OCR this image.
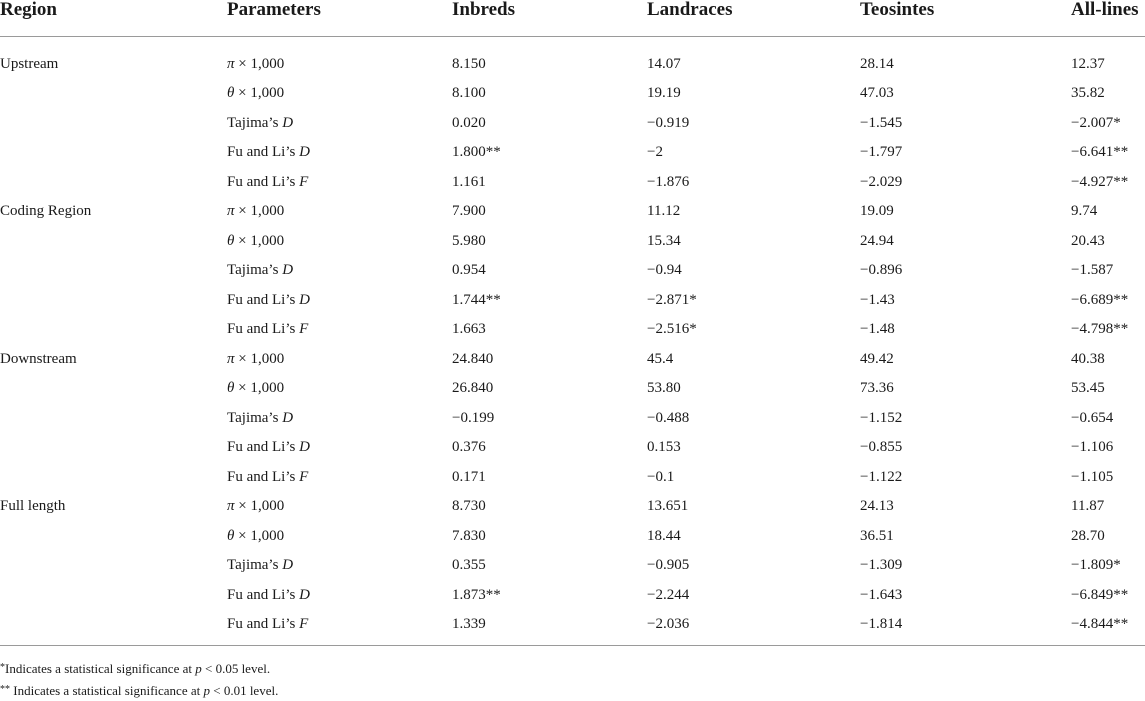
Region	Parameters	Inbreds	Landraces	Teosintes	All-lines
Upstream	π × 1,000	8.150	14.07	28.14	12.37
	θ × 1,000	8.100	19.19	47.03	35.82
	Tajima’s D	0.020	−0.919	−1.545	−2.007*
	Fu and Li’s D	1.800**	−2	−1.797	−6.641**
	Fu and Li’s F	1.161	−1.876	−2.029	−4.927**
Coding Region	π × 1,000	7.900	11.12	19.09	9.74
	θ × 1,000	5.980	15.34	24.94	20.43
	Tajima’s D	0.954	−0.94	−0.896	−1.587
	Fu and Li’s D	1.744**	−2.871*	−1.43	−6.689**
	Fu and Li’s F	1.663	−2.516*	−1.48	−4.798**
Downstream	π × 1,000	24.840	45.4	49.42	40.38
	θ × 1,000	26.840	53.80	73.36	53.45
	Tajima’s D	−0.199	−0.488	−1.152	−0.654
	Fu and Li’s D	0.376	0.153	−0.855	−1.106
	Fu and Li’s F	0.171	−0.1	−1.122	−1.105
Full length	π × 1,000	8.730	13.651	24.13	11.87
	θ × 1,000	7.830	18.44	36.51	28.70
	Tajima’s D	0.355	−0.905	−1.309	−1.809*
	Fu and Li’s D	1.873**	−2.244	−1.643	−6.849**
	Fu and Li’s F	1.339	−2.036	−1.814	−4.844**
*Indicates a statistical significance at p < 0.05 level.
** Indicates a statistical significance at p < 0.01 level.
